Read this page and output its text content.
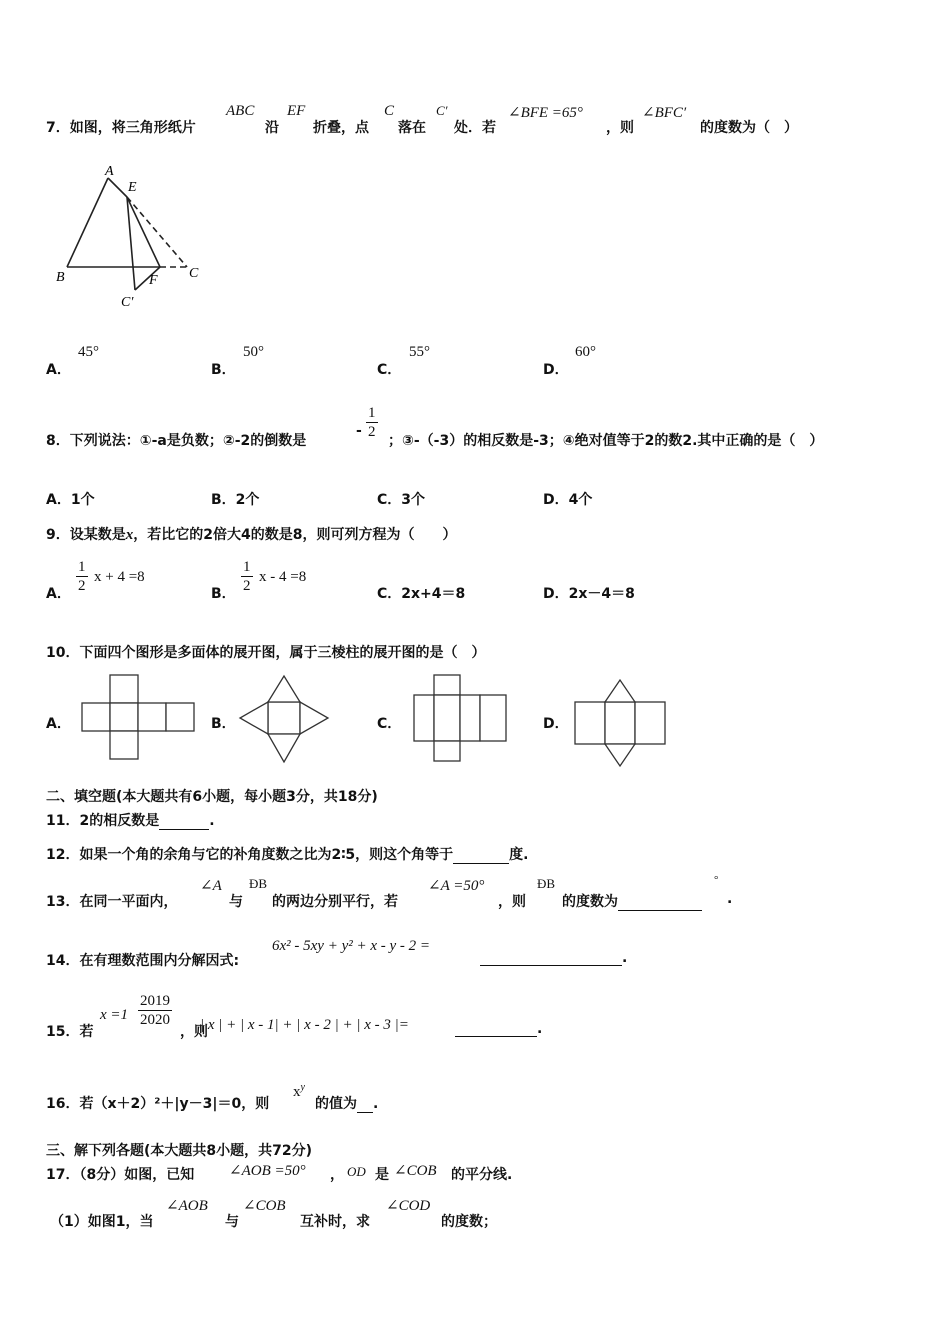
7．如图，将三角形纸片
ABC
沿
EF
折叠，点
C
落在
C′
处．若
∠BFE =65°
，则
∠BFC′
的度数为（　）
A
E
B	C
F
C′
A．
45°
B．
50°
C．
55°
D．
60°
8．下列说法：①-a是负数；②-2的倒数是
- $\frac{1}{2}$ ；③-（-3）的相反数是-3；④绝对值等于2的数2.其中正确的是（　）
A．1个	B．2个	C．3个	D．4个
9．设某数是x，若比它的2倍大4的数是8，则可列方程为（　　）
A． $\frac{1}{2}$ x + 4 =8
B． $\frac{1}{2}$ x - 4 =8
C．2x+4＝8	D．2x－4＝8
10．下面四个图形是多面体的展开图，属于三棱柱的展开图的是（　）
A．	B．	C．	D．
二、填空题(本大题共有6小题，每小题3分，共18分)
11．2的相反数是	.
12．如果一个角的余角与它的补角度数之比为2∶5，则这个角等于	度.
13．在同一平面内，
∠A
与
ÐB
的两边分别平行，若
∠A =50°
，则
ÐB
的度数为
°
.
14．在有理数范围内分解因式:
6x² - 5xy + y² + x - y - 2 =
.
15．若
$x =1 \frac{2019}{2020}$
，则
| x | + | x - 1| + | x - 2 | + | x - 3 |=	.
16．若（x＋2）²＋|y－3|＝0，则
$x^y$
的值为 .
三、解下列各题(本大题共8小题，共72分)
17．（8分）如图，已知 ∠AOB =50° ， OD 是 ∠COB 的平分线.
（1）如图1，当
∠AOB
与
∠COB
互补时，求
∠COD
的度数；
